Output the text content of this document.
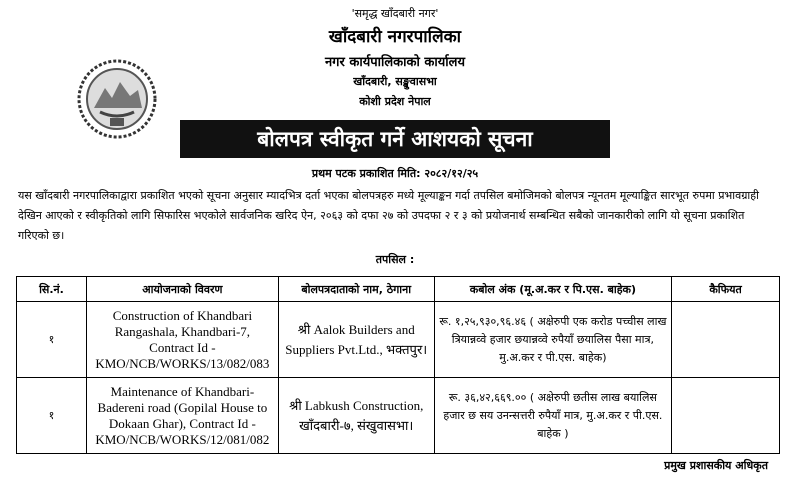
'समृद्ध खाँदबारी नगर'
खाँदबारी नगरपालिका
नगर कार्यपालिकाको कार्यालय
खाँदबारी, सङ्खुवासभा
कोशी प्रदेश नेपाल
बोलपत्र स्वीकृत गर्ने आशयको सूचना
प्रथम पटक प्रकाशित मिति: २०८२/१२/२५
यस खाँदबारी नगरपालिकाद्वारा प्रकाशित भएको सूचना अनुसार म्यादभित्र दर्ता भएका बोलपत्रहरु मध्ये मूल्याङ्कन गर्दा तपसिल बमोजिमको बोलपत्र न्यूनतम मूल्याङ्कित सारभूत रुपमा प्रभावग्राही देखिन आएको र स्वीकृतिको लागि सिफारिस भएकोले सार्वजनिक खरिद ऐन, २०६३ को दफा २७ को उपदफा २ र ३ को प्रयोजनार्थ सम्बन्धित सबैको जानकारीको लागि यो सूचना प्रकाशित गरिएको छ।
तपसिल :
सि.नं.	आयोजनाको विवरण	बोलपत्रदाताको नाम, ठेगाना	कबोल अंक (मू.अ.कर र पि.एस. बाहेक)	कैफियत
१	Construction of Khandbari Rangashala, Khandbari-7, Contract Id - KMO/NCB/WORKS/13/082/083	श्री Aalok Builders and Suppliers Pvt.Ltd., भक्तपुर।	रू. १,२५,९३०,९६.४६ ( अक्षेरुपी एक करोड पच्चीस लाख त्रियान्नव्वे हजार छयान्नव्वे रुपैयाँ छयालिस पैसा मात्र, मु.अ.कर र पी.एस. बाहेक)	
१	Maintenance of Khandbari-Badereni road (Gopilal House to Dokaan Ghar), Contract Id - KMO/NCB/WORKS/12/081/082	श्री Labkush Construction, खाँदबारी-७, संखुवासभा।	रू. ३६,४२,६६९.०० ( अक्षेरुपी छतीस लाख बयालिस हजार छ सय उनन्सत्तरी रुपैयाँ मात्र, मु.अ.कर र पी.एस. बाहेक )	
प्रमुख प्रशासकीय अधिकृत
